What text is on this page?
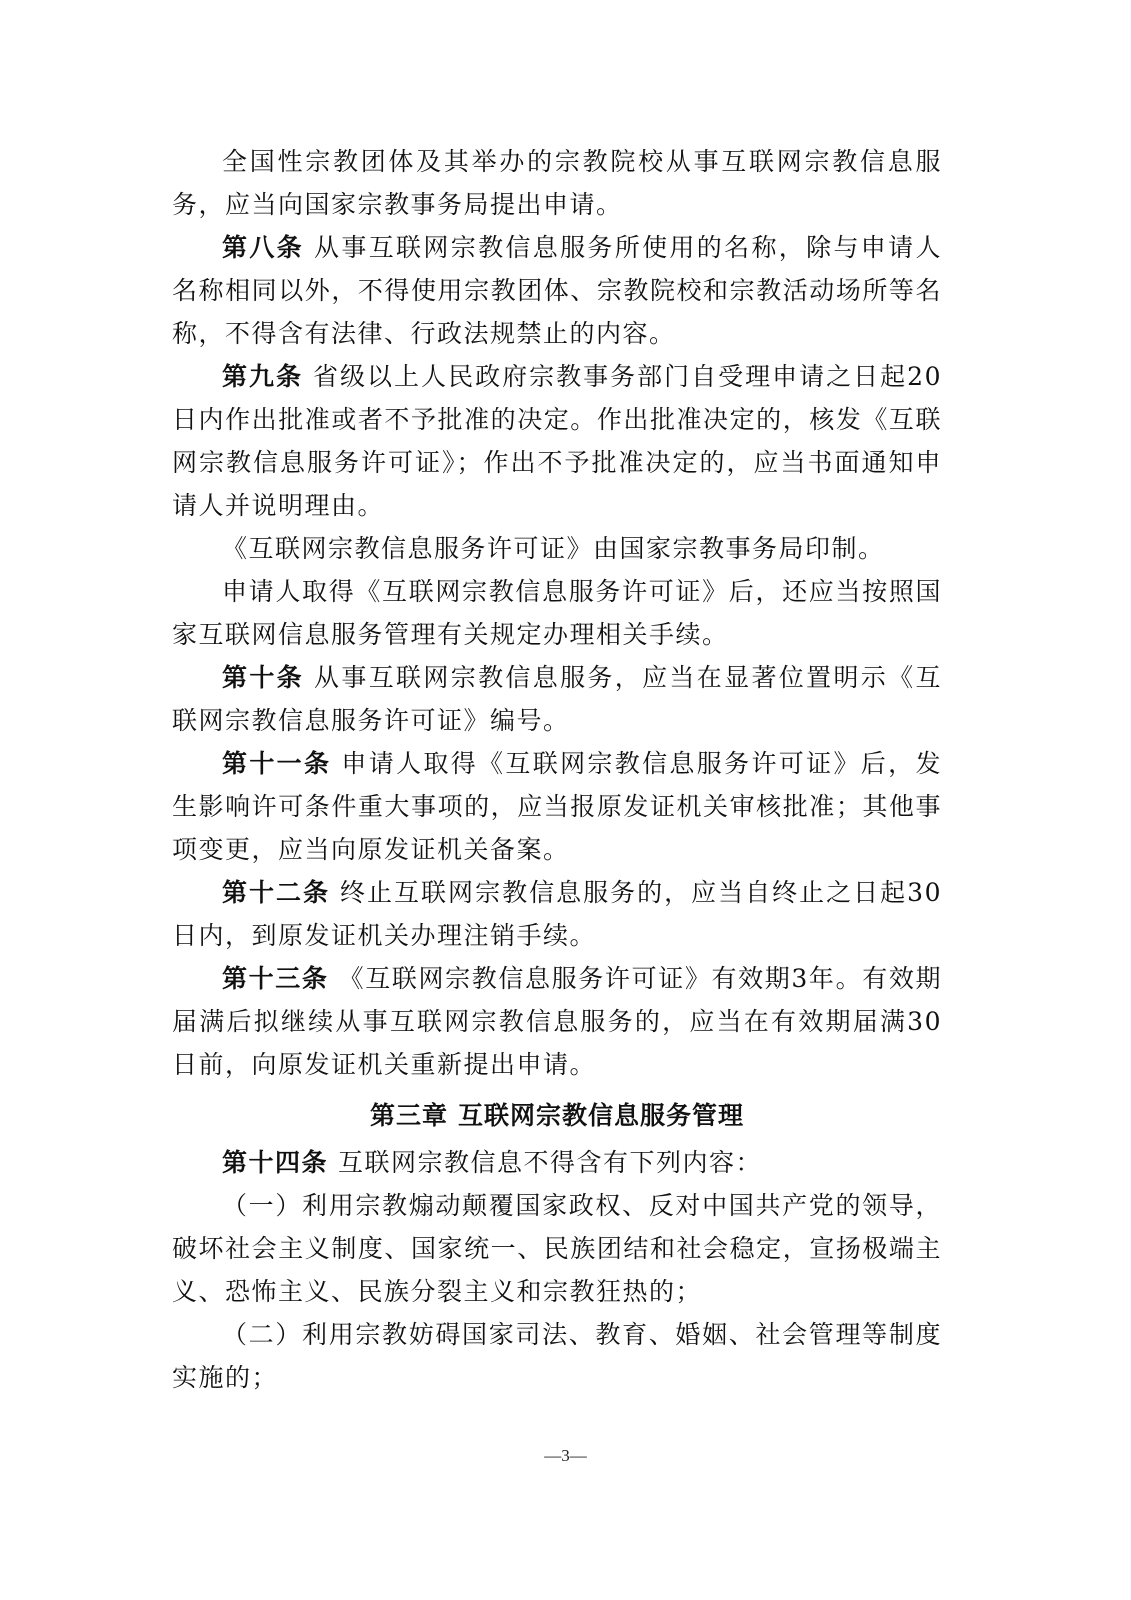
全国性宗教团体及其举办的宗教院校从事互联网宗教信息服务，应当向国家宗教事务局提出申请。

第八条 从事互联网宗教信息服务所使用的名称，除与申请人名称相同以外，不得使用宗教团体、宗教院校和宗教活动场所等名称，不得含有法律、行政法规禁止的内容。

第九条 省级以上人民政府宗教事务部门自受理申请之日起20日内作出批准或者不予批准的决定。作出批准决定的，核发《互联网宗教信息服务许可证》；作出不予批准决定的，应当书面通知申请人并说明理由。

《互联网宗教信息服务许可证》由国家宗教事务局印制。

申请人取得《互联网宗教信息服务许可证》后，还应当按照国家互联网信息服务管理有关规定办理相关手续。

第十条 从事互联网宗教信息服务，应当在显著位置明示《互联网宗教信息服务许可证》编号。

第十一条 申请人取得《互联网宗教信息服务许可证》后，发生影响许可条件重大事项的，应当报原发证机关审核批准；其他事项变更，应当向原发证机关备案。

第十二条 终止互联网宗教信息服务的，应当自终止之日起30日内，到原发证机关办理注销手续。

第十三条 《互联网宗教信息服务许可证》有效期3年。有效期届满后拟继续从事互联网宗教信息服务的，应当在有效期届满30日前，向原发证机关重新提出申请。

第三章 互联网宗教信息服务管理

第十四条 互联网宗教信息不得含有下列内容：

（一）利用宗教煽动颠覆国家政权、反对中国共产党的领导，破坏社会主义制度、国家统一、民族团结和社会稳定，宣扬极端主义、恐怖主义、民族分裂主义和宗教狂热的；

（二）利用宗教妨碍国家司法、教育、婚姻、社会管理等制度实施的；

—3—
